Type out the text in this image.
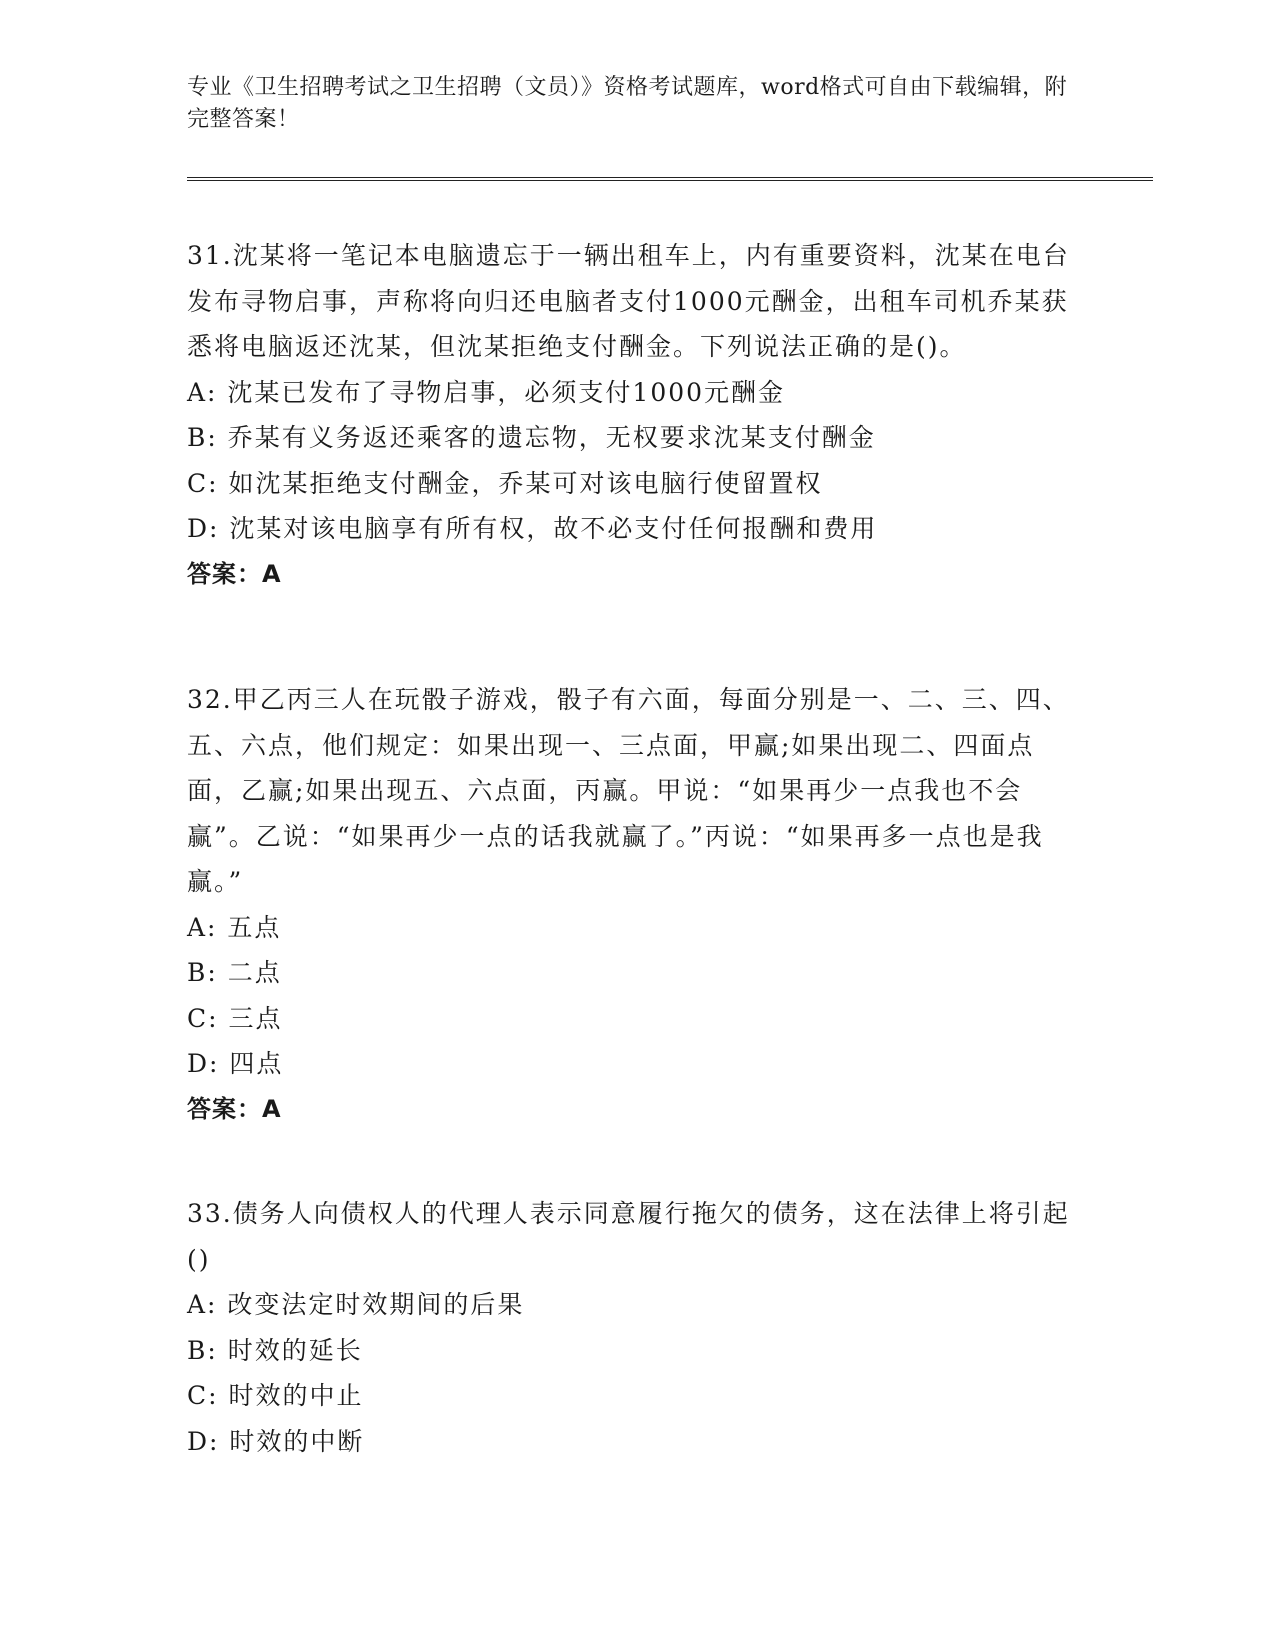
专业《卫生招聘考试之卫生招聘（文员）》资格考试题库，word格式可自由下载编辑，附完整答案！

31.沈某将一笔记本电脑遗忘于一辆出租车上，内有重要资料，沈某在电台发布寻物启事，声称将向归还电脑者支付1000元酬金，出租车司机乔某获悉将电脑返还沈某，但沈某拒绝支付酬金。下列说法正确的是()。

A: 沈某已发布了寻物启事，必须支付1000元酬金

B: 乔某有义务返还乘客的遗忘物，无权要求沈某支付酬金

C: 如沈某拒绝支付酬金，乔某可对该电脑行使留置权

D: 沈某对该电脑享有所有权，故不必支付任何报酬和费用

答案：A

32.甲乙丙三人在玩骰子游戏，骰子有六面，每面分别是一、二、三、四、五、六点，他们规定：如果出现一、三点面，甲赢;如果出现二、四面点面，乙赢;如果出现五、六点面，丙赢。甲说：“如果再少一点我也不会赢”。乙说：“如果再少一点的话我就赢了。”丙说：“如果再多一点也是我赢。”

A: 五点

B: 二点

C: 三点

D: 四点

答案：A

33.债务人向债权人的代理人表示同意履行拖欠的债务，这在法律上将引起()

A: 改变法定时效期间的后果

B: 时效的延长

C: 时效的中止

D: 时效的中断
